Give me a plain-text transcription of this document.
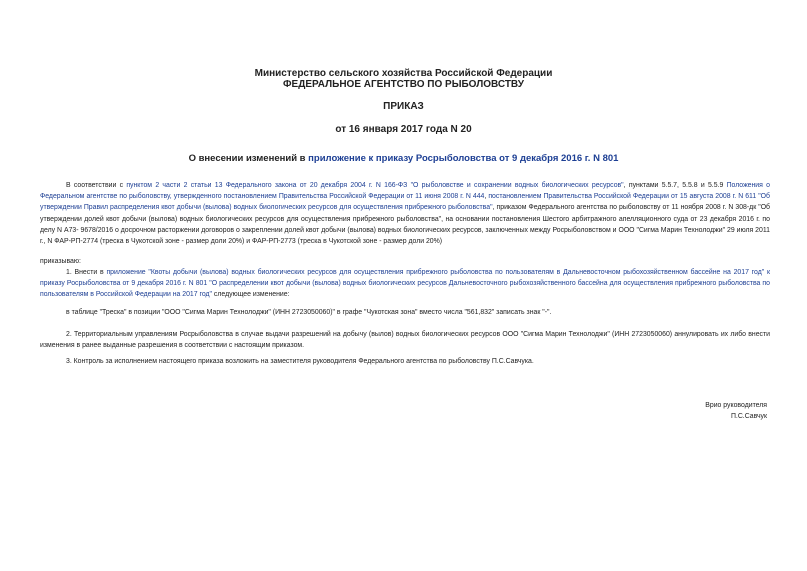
Министерство сельского хозяйства Российской Федерации
ФЕДЕРАЛЬНОЕ АГЕНТСТВО ПО РЫБОЛОВСТВУ
ПРИКАЗ
от 16 января 2017 года N 20
О внесении изменений в приложение к приказу Росрыболовства от 9 декабря 2016 г. N 801
В соответствии с пунктом 2 части 2 статьи 13 Федерального закона от 20 декабря 2004 г. N 166-ФЗ "О рыболовстве и сохранении водных биологических ресурсов", пунктами 5.5.7, 5.5.8 и 5.5.9 Положения о Федеральном агентстве по рыболовству, утвержденного постановлением Правительства Российской Федерации от 11 июня 2008 г. N 444, постановлением Правительства Российской Федерации от 15 августа 2008 г. N 611 "Об утверждении Правил распределения квот добычи (вылова) водных биологических ресурсов для осуществления прибрежного рыболовства", приказом Федерального агентства по рыболовству от 11 ноября 2008 г. N 308-дк "Об утверждении долей квот добычи (вылова) водных биологических ресурсов для осуществления прибрежного рыболовства", на основании постановления Шестого арбитражного апелляционного суда от 23 декабря 2016 г. по делу N А73- 9678/2016 о досрочном расторжении договоров о закреплении долей квот добычи (вылова) водных биологических ресурсов, заключенных между Росрыболовством и ООО "Сигма Марин Технолоджи" 29 июля 2011 г., N ФАР-РП-2774 (треска в Чукотской зоне - размер доли 20%) и ФАР-РП-2773 (треска в Чукотской зоне - размер доли 20%)
приказываю:
1. Внести в приложение "Квоты добычи (вылова) водных биологических ресурсов для осуществления прибрежного рыболовства по пользователям в Дальневосточном рыбохозяйственном бассейне на 2017 год" к приказу Росрыболовства от 9 декабря 2016 г. N 801 "О распределении квот добычи (вылова) водных биологических ресурсов Дальневосточного рыбохозяйственного бассейна для осуществления прибрежного рыболовства по пользователям в Российской Федерации на 2017 год" следующее изменение:
в таблице "Треска" в позиции "ООО "Сигма Марин Технолоджи" (ИНН 2723050060)" в графе "Чукотская зона" вместо числа "561,832" записать знак "-".
2. Территориальным управлениям Росрыболовства в случае выдачи разрешений на добычу (вылов) водных биологических ресурсов ООО "Сигма Марин Технолоджи" (ИНН 2723050060) аннулировать их либо внести изменения в ранее выданные разрешения в соответствии с настоящим приказом.
3. Контроль за исполнением настоящего приказа возложить на заместителя руководителя Федерального агентства по рыболовству П.С.Савчука.
Врио руководителя
П.С.Савчук
